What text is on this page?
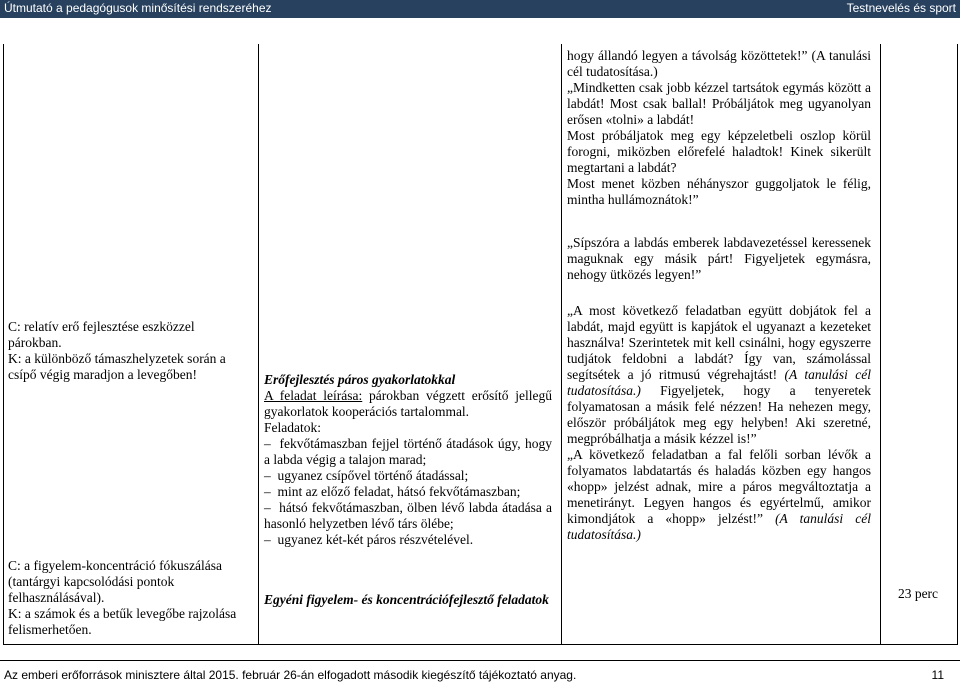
Útmutató a pedagógusok minősítési rendszeréhez	Testnevelés és sport
C: relatív erő fejlesztése eszközzel párokban.
K: a különböző támaszhelyzetek során a csípő végig maradjon a levegőben!
C: a figyelem-koncentráció fókuszálása (tantárgyi kapcsolódási pontok felhasználásával).
K: a számok és a betűk levegőbe rajzolása felismerhetően.
Erőfejlesztés páros gyakorlatokkal
A feladat leírása: párokban végzett erősítő jellegű gyakorlatok kooperációs tartalommal.
Feladatok:
–  fekvőtámaszban fejjel történő átadások úgy, hogy a labda végig a talajon marad;
–  ugyanez csípővel történő átadással;
–  mint az előző feladat, hátsó fekvőtámaszban;
–  hátsó fekvőtámaszban, ölben lévő labda átadása a hasonló helyzetben lévő társ ölébe;
–  ugyanez két-két páros részvételével.
Egyéni figyelem- és koncentrációfejlesztő feladatok
hogy állandó legyen a távolság közöttetek!” (A tanulási cél tudatosítása.)
„Mindketten csak jobb kézzel tartsátok egymás között a labdát! Most csak ballal! Próbáljátok meg ugyanolyan erősen «tolni» a labdát!
Most próbáljatok meg egy képzeletbeli oszlop körül forogni, miközben előrefelé haladtok! Kinek sikerült megtartani a labdát?
Most menet közben néhányszor guggoljatok le félig, mintha hullámoznátok!”
„Sípszóra a labdás emberek labdavezetéssel keressenek maguknak egy másik párt! Figyeljetek egymásra, nehogy ütközés legyen!”
„A most következő feladatban együtt dobjátok fel a labdát, majd együtt is kapjátok el ugyanazt a kezeteket használva! Szerintetek mit kell csinálni, hogy egyszerre tudjátok feldobni a labdát? Így van, számolással segítsétek a jó ritmusú végrehajtást! (A tanulási cél tudatosítása.) Figyeljetek, hogy a tenyeretek folyamatosan a másik felé nézzen! Ha nehezen megy, először próbáljátok meg egy helyben! Aki szeretné, megpróbálhatja a másik kézzel is!”
„A következő feladatban a fal felőli sorban lévők a folyamatos labdatartás és haladás közben egy hangos «hopp» jelzést adnak, mire a páros megváltoztatja a menetirányt. Legyen hangos és egyértelmű, amikor kimondjátok a «hopp» jelzést!” (A tanulási cél tudatosítása.)
23 perc
Az emberi erőforrások minisztere által 2015. február 26-án elfogadott második kiegészítő tájékoztató anyag.	11
